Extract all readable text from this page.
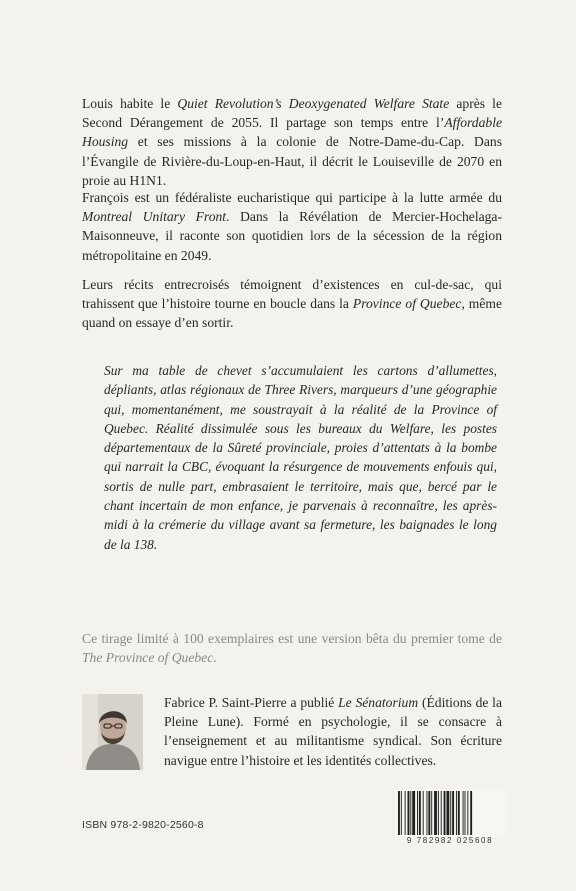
Louis habite le Quiet Revolution’s Deoxygenated Welfare State après le Second Dérangement de 2055. Il partage son temps entre l’Affordable Housing et ses missions à la colonie de Notre-Dame-du-Cap. Dans l’Évangile de Rivière-du-Loup-en-Haut, il décrit le Louiseville de 2070 en proie au H1N1.

François est un fédéraliste eucharistique qui participe à la lutte armée du Montreal Unitary Front. Dans la Révélation de Mercier-Hochelaga-Maisonneuve, il raconte son quotidien lors de la sécession de la région métropolitaine en 2049.

Leurs récits entrecroisés témoignent d’existences en cul-de-sac, qui trahissent que l’histoire tourne en boucle dans la Province of Quebec, même quand on essaye d’en sortir.

Sur ma table de chevet s’accumulaient les cartons d’allumettes, dépliants, atlas régionaux de Three Rivers, marqueurs d’une géographie qui, momentanément, me soustrayait à la réalité de la Province of Quebec. Réalité dissimulée sous les bureaux du Welfare, les postes départementaux de la Sûreté provinciale, proies d’attentats à la bombe qui narrait la CBC, évoquant la résurgence de mouvements enfouis qui, sortis de nulle part, embrasaient le territoire, mais que, bercé par le chant incertain de mon enfance, je parvenais à reconnaître, les après-midi à la crémerie du village avant sa fermeture, les baignades le long de la 138.

Ce tirage limité à 100 exemplaires est une version bêta du premier tome de The Province of Quebec.

Fabrice P. Saint-Pierre a publié Le Sénatorium (Éditions de la Pleine Lune). Formé en psychologie, il se consacre à l’enseignement et au militantisme syndical. Son écriture navigue entre l’histoire et les identités collectives.

ISBN 978-2-9820-2560-8
9 782982 025608
